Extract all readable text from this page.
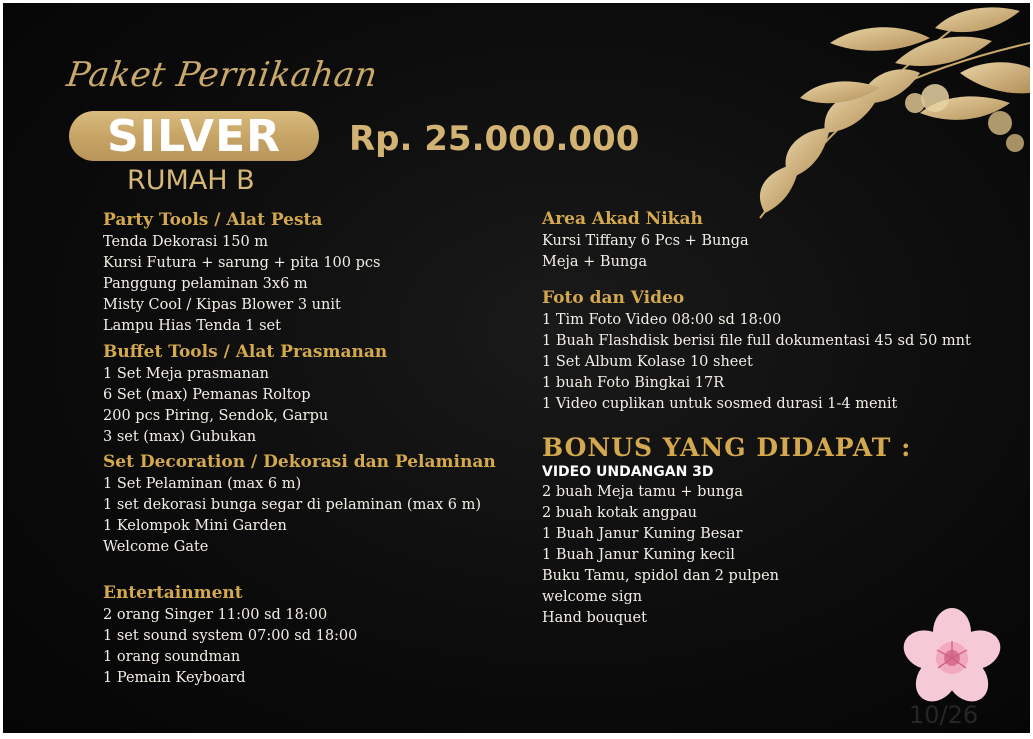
Paket Pernikahan
SILVER Rp. 25.000.000
RUMAH B
Party Tools / Alat Pesta
Tenda Dekorasi 150 m
Kursi Futura + sarung + pita 100 pcs
Panggung pelaminan 3x6 m
Misty Cool / Kipas Blower 3 unit
Lampu Hias Tenda 1 set
Buffet Tools / Alat Prasmanan
1 Set Meja prasmanan
6 Set (max) Pemanas Roltop
200 pcs Piring, Sendok, Garpu
3 set (max) Gubukan
Set Decoration / Dekorasi dan Pelaminan
1 Set Pelaminan (max 6 m)
1 set dekorasi bunga segar di pelaminan (max 6 m)
1 Kelompok Mini Garden
Welcome Gate
Entertainment
2 orang Singer 11:00 sd 18:00
1 set sound system 07:00 sd 18:00
1 orang soundman
1 Pemain Keyboard
Area Akad Nikah
Kursi Tiffany 6 Pcs + Bunga
Meja + Bunga
Foto dan Video
1 Tim Foto Video 08:00 sd 18:00
1 Buah Flashdisk berisi file full dokumentasi 45 sd 50 mnt
1 Set Album Kolase 10 sheet
1 buah Foto Bingkai 17R
1 Video cuplikan untuk sosmed durasi 1-4 menit
BONUS YANG DIDAPAT :
VIDEO UNDANGAN 3D
2 buah Meja tamu + bunga
2 buah kotak angpau
1 Buah Janur Kuning Besar
1 Buah Janur Kuning kecil
Buku Tamu, spidol dan 2 pulpen
welcome sign
Hand bouquet
10/26
